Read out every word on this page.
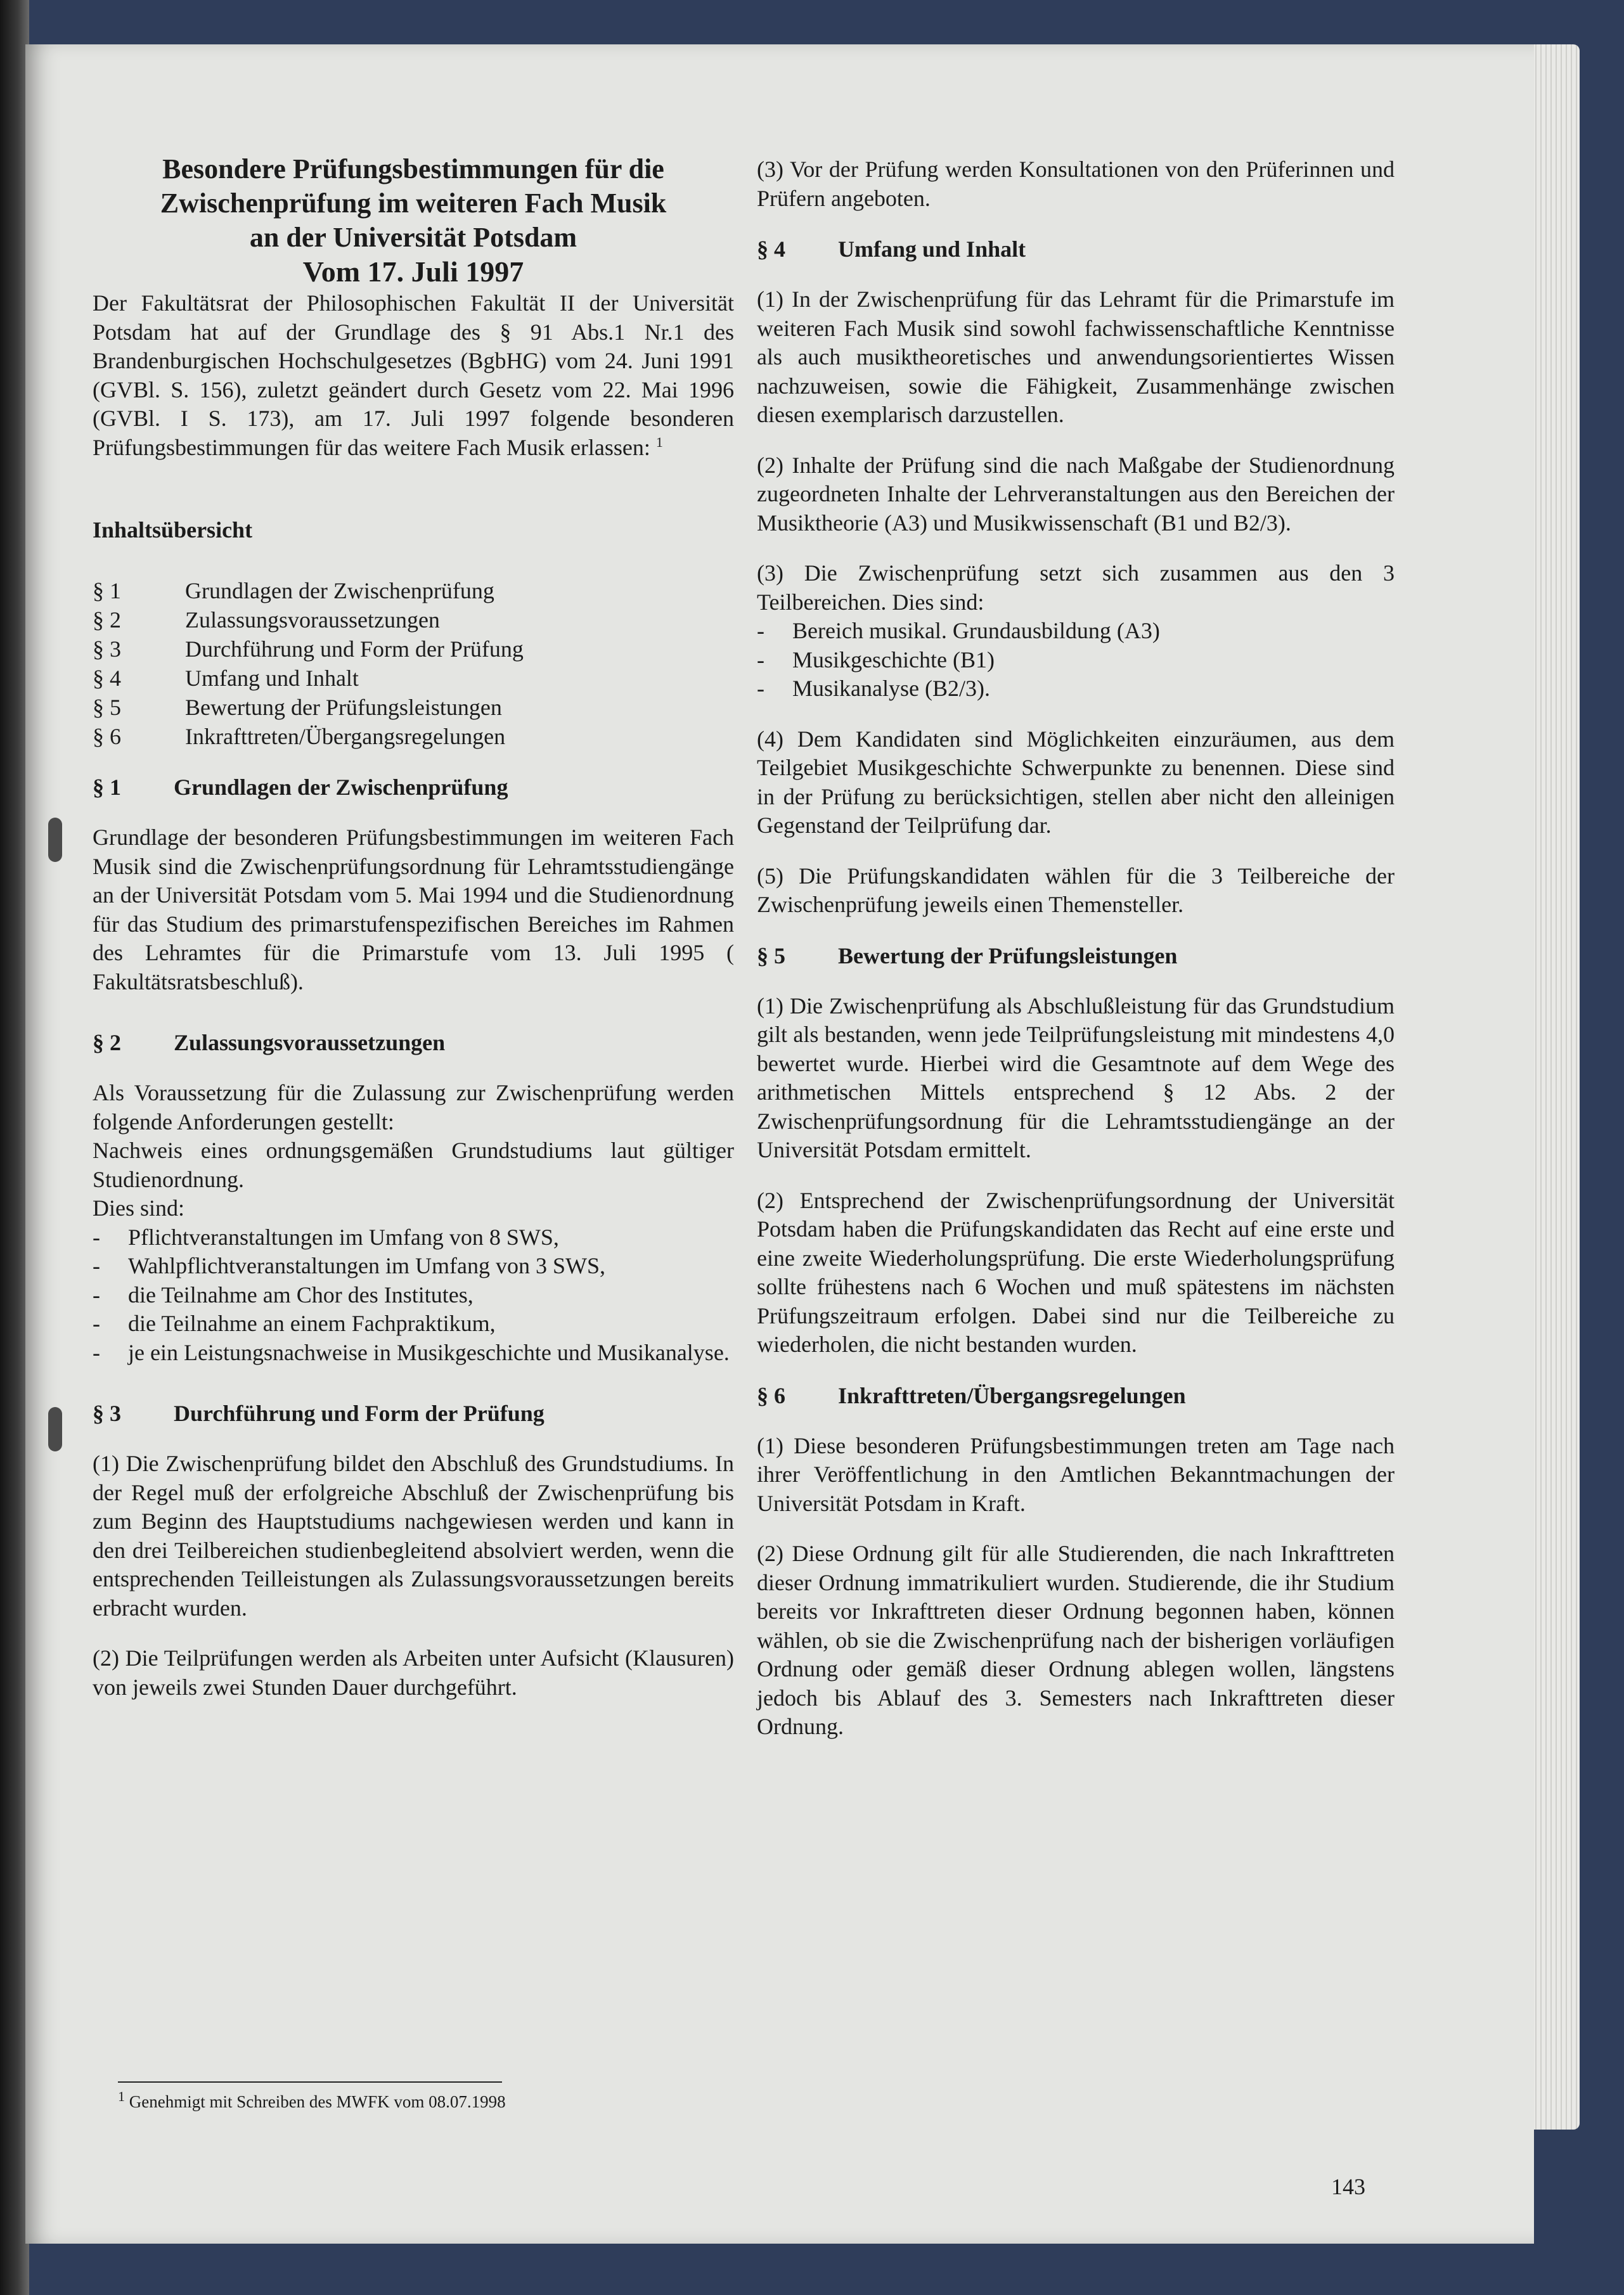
Besondere Prüfungsbestimmungen für die
Zwischenprüfung im weiteren Fach Musik
an der Universität Potsdam

Vom 17. Juli 1997

Der Fakultätsrat der Philosophischen Fakultät II der Universität Potsdam hat auf der Grundlage des § 91 Abs.1 Nr.1 des Brandenburgischen Hochschulgesetzes (BgbHG) vom 24. Juni 1991 (GVBl. S. 156), zuletzt geändert durch Gesetz vom 22. Mai 1996 (GVBl. I S. 173), am 17. Juli 1997 folgende besonderen Prüfungsbestimmungen für das weitere Fach Musik erlassen: $^1$

Inhaltsübersicht

§ 1	Grundlagen der Zwischenprüfung
§ 2	Zulassungsvoraussetzungen
§ 3	Durchführung und Form der Prüfung
§ 4	Umfang und Inhalt
§ 5	Bewertung der Prüfungsleistungen
§ 6	Inkrafttreten/Übergangsregelungen
§ 1	Grundlagen der Zwischenprüfung

Grundlage der besonderen Prüfungsbestimmungen im weiteren Fach Musik sind die Zwischenprüfungsordnung für Lehramtsstudiengänge an der Universität Potsdam vom 5. Mai 1994 und die Studienordnung für das Studium des primarstufenspezifischen Bereiches im Rahmen des Lehramtes für die Primarstufe vom 13. Juli 1995 ( Fakultätsratsbeschluß).

§ 2	Zulassungsvoraussetzungen

Als Voraussetzung für die Zulassung zur Zwischenprüfung werden folgende Anforderungen gestellt:

Nachweis eines ordnungsgemäßen Grundstudiums laut gültiger Studienordnung.

Dies sind:

-	Pflichtveranstaltungen im Umfang von 8 SWS,
-	Wahlpflichtveranstaltungen im Umfang von 3 SWS,
-	die Teilnahme am Chor des Institutes,
-	die Teilnahme an einem Fachpraktikum,
-	je ein Leistungsnachweise in Musikgeschichte und Musikanalyse.
§ 3	Durchführung und Form der Prüfung

(1) Die Zwischenprüfung bildet den Abschluß des Grundstudiums. In der Regel muß der erfolgreiche Abschluß der Zwischenprüfung bis zum Beginn des Hauptstudiums nachgewiesen werden und kann in den drei Teilbereichen studienbegleitend absolviert werden, wenn die entsprechenden Teilleistungen als Zulassungsvoraussetzungen bereits erbracht wurden.

(2) Die Teilprüfungen werden als Arbeiten unter Aufsicht (Klausuren) von jeweils zwei Stunden Dauer durchgeführt.

$^1$ Genehmigt mit Schreiben des MWFK vom 08.07.1998

(3) Vor der Prüfung werden Konsultationen von den Prüferinnen und Prüfern angeboten.

§ 4	Umfang und Inhalt

(1) In der Zwischenprüfung für das Lehramt für die Primarstufe im weiteren Fach Musik sind sowohl fachwissenschaftliche Kenntnisse als auch musiktheoretisches und anwendungsorientiertes Wissen nachzuweisen, sowie die Fähigkeit, Zusammenhänge zwischen diesen exemplarisch darzustellen.

(2) Inhalte der Prüfung sind die nach Maßgabe der Studienordnung zugeordneten Inhalte der Lehrveranstaltungen aus den Bereichen der Musiktheorie (A3) und Musikwissenschaft (B1 und B2/3).

(3) Die Zwischenprüfung setzt sich zusammen aus den 3 Teilbereichen. Dies sind:

-	Bereich musikal. Grundausbildung (A3)
-	Musikgeschichte (B1)
-	Musikanalyse (B2/3).

(4) Dem Kandidaten sind Möglichkeiten einzuräumen, aus dem Teilgebiet Musikgeschichte Schwerpunkte zu benennen. Diese sind in der Prüfung zu berücksichtigen, stellen aber nicht den alleinigen Gegenstand der Teilprüfung dar.

(5) Die Prüfungskandidaten wählen für die 3 Teilbereiche der Zwischenprüfung jeweils einen Themensteller.

§ 5	Bewertung der Prüfungsleistungen

(1) Die Zwischenprüfung als Abschlußleistung für das Grundstudium gilt als bestanden, wenn jede Teilprüfungsleistung mit mindestens 4,0 bewertet wurde. Hierbei wird die Gesamtnote auf dem Wege des arithmetischen Mittels entsprechend § 12 Abs. 2 der Zwischenprüfungsordnung für die Lehramtsstudiengänge an der Universität Potsdam ermittelt.

(2) Entsprechend der Zwischenprüfungsordnung der Universität Potsdam haben die Prüfungskandidaten das Recht auf eine erste und eine zweite Wiederholungsprüfung. Die erste Wiederholungsprüfung sollte frühestens nach 6 Wochen und muß spätestens im nächsten Prüfungszeitraum erfolgen. Dabei sind nur die Teilbereiche zu wiederholen, die nicht bestanden wurden.

§ 6	Inkrafttreten/Übergangsregelungen

(1) Diese besonderen Prüfungsbestimmungen treten am Tage nach ihrer Veröffentlichung in den Amtlichen Bekanntmachungen der Universität Potsdam in Kraft.

(2) Diese Ordnung gilt für alle Studierenden, die nach Inkrafttreten dieser Ordnung immatrikuliert wurden. Studierende, die ihr Studium bereits vor Inkrafttreten dieser Ordnung begonnen haben, können wählen, ob sie die Zwischenprüfung nach der bisherigen vorläufigen Ordnung oder gemäß dieser Ordnung ablegen wollen, längstens jedoch bis Ablauf des 3. Semesters nach Inkrafttreten dieser Ordnung.

143
